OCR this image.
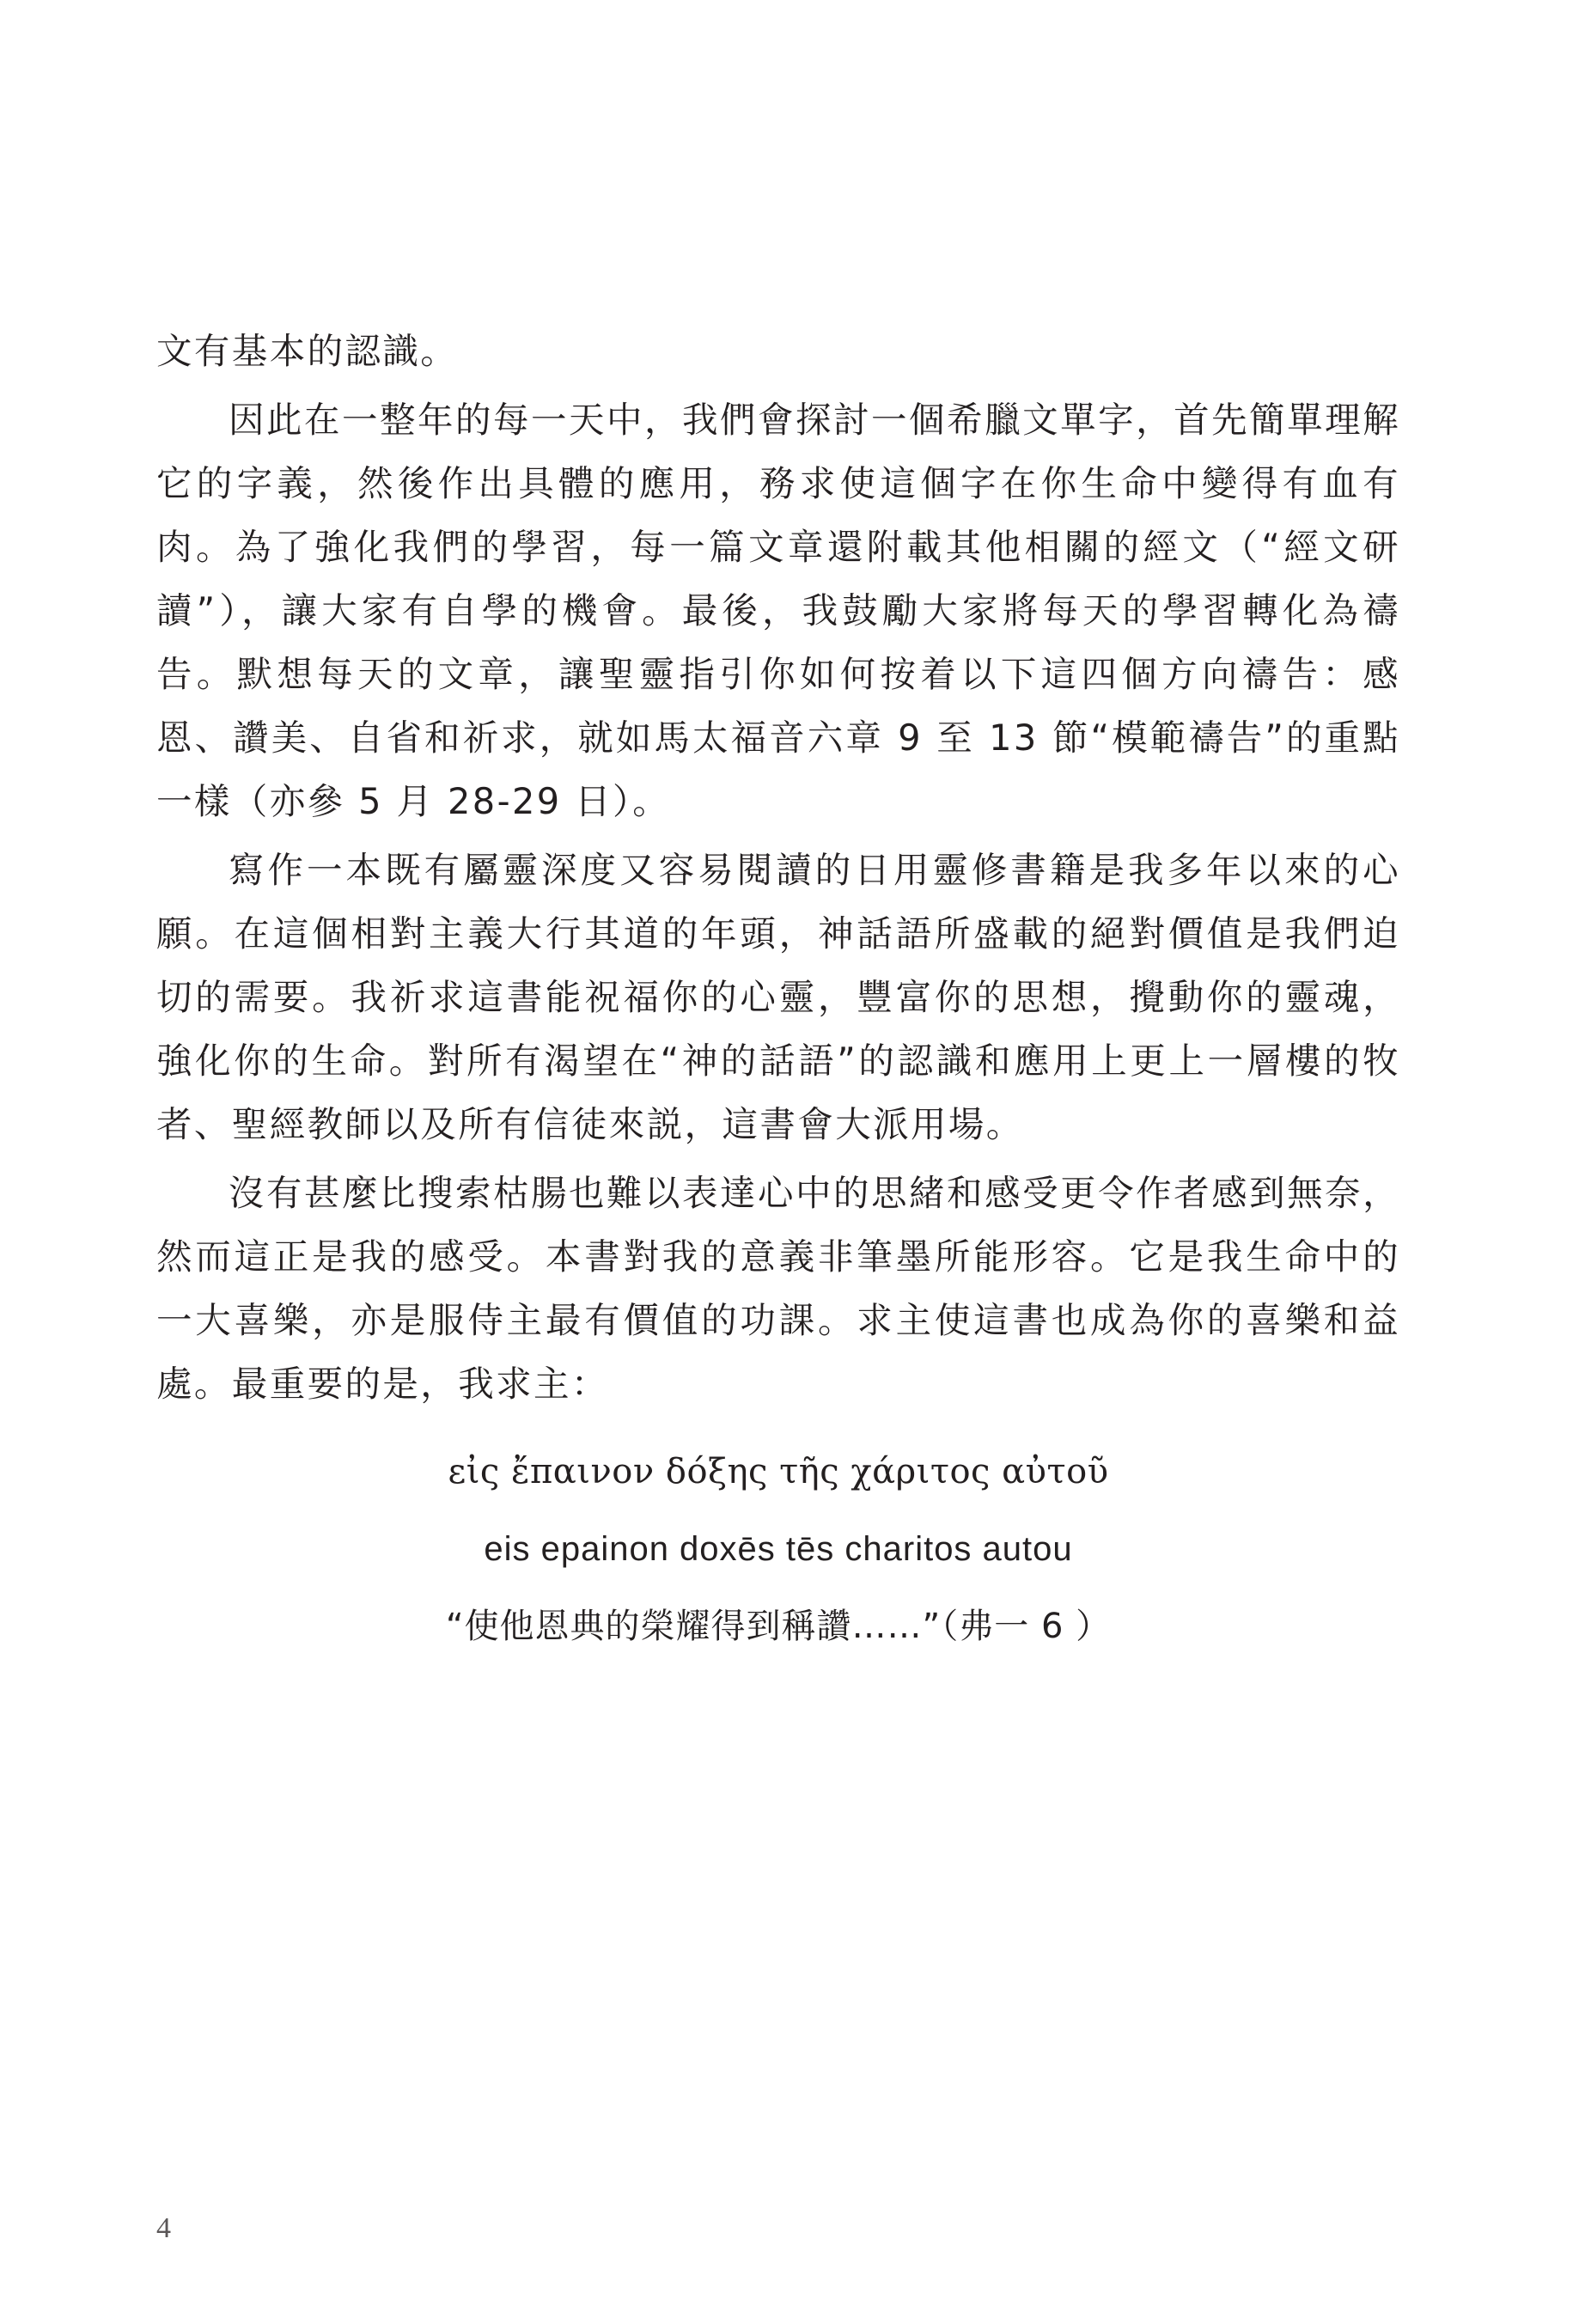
文有基本的認識。

因此在一整年的每一天中，我們會探討一個希臘文單字，首先簡單理解它的字義，然後作出具體的應用，務求使這個字在你生命中變得有血有肉。為了強化我們的學習，每一篇文章還附載其他相關的經文（“經文研讀”），讓大家有自學的機會。最後，我鼓勵大家將每天的學習轉化為禱告。默想每天的文章，讓聖靈指引你如何按着以下這四個方向禱告：感恩、讚美、自省和祈求，就如馬太福音六章 9 至 13 節“模範禱告”的重點一樣（亦參 5 月 28-29 日）。

寫作一本既有屬靈深度又容易閱讀的日用靈修書籍是我多年以來的心願。在這個相對主義大行其道的年頭，神話語所盛載的絕對價值是我們迫切的需要。我祈求這書能祝福你的心靈，豐富你的思想，攪動你的靈魂，強化你的生命。對所有渴望在“神的話語”的認識和應用上更上一層樓的牧者、聖經教師以及所有信徒來説，這書會大派用場。

沒有甚麼比搜索枯腸也難以表達心中的思緒和感受更令作者感到無奈，然而這正是我的感受。本書對我的意義非筆墨所能形容。它是我生命中的一大喜樂，亦是服侍主最有價值的功課。求主使這書也成為你的喜樂和益處。最重要的是，我求主：

εἰς ἔπαινον δόξης τῆς χάριτος αὐτοῦ

eis epainon doxēs tēs charitos autou

“使他恩典的榮耀得到稱讚……”（弗一 6 ）

4
